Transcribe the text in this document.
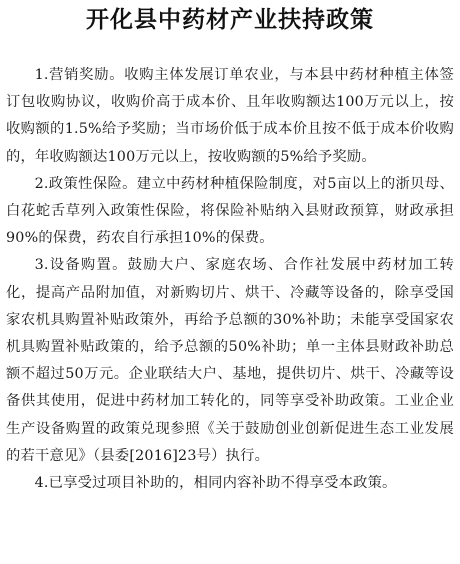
开化县中药材产业扶持政策

1.营销奖励。收购主体发展订单农业，与本县中药材种植主体签订包收购协议，收购价高于成本价、且年收购额达100万元以上，按收购额的1.5%给予奖励；当市场价低于成本价且按不低于成本价收购的，年收购额达100万元以上，按收购额的5%给予奖励。

2.政策性保险。建立中药材种植保险制度，对5亩以上的浙贝母、白花蛇舌草列入政策性保险，将保险补贴纳入县财政预算，财政承担90%的保费，药农自行承担10%的保费。

3.设备购置。鼓励大户、家庭农场、合作社发展中药材加工转化，提高产品附加值，对新购切片、烘干、冷藏等设备的，除享受国家农机具购置补贴政策外，再给予总额的30%补助；未能享受国家农机具购置补贴政策的，给予总额的50%补助；单一主体县财政补助总额不超过50万元。企业联结大户、基地，提供切片、烘干、冷藏等设备供其使用，促进中药材加工转化的，同等享受补助政策。工业企业生产设备购置的政策兑现参照《关于鼓励创业创新促进生态工业发展的若干意见》（县委[2016]23号）执行。

4.已享受过项目补助的，相同内容补助不得享受本政策。
